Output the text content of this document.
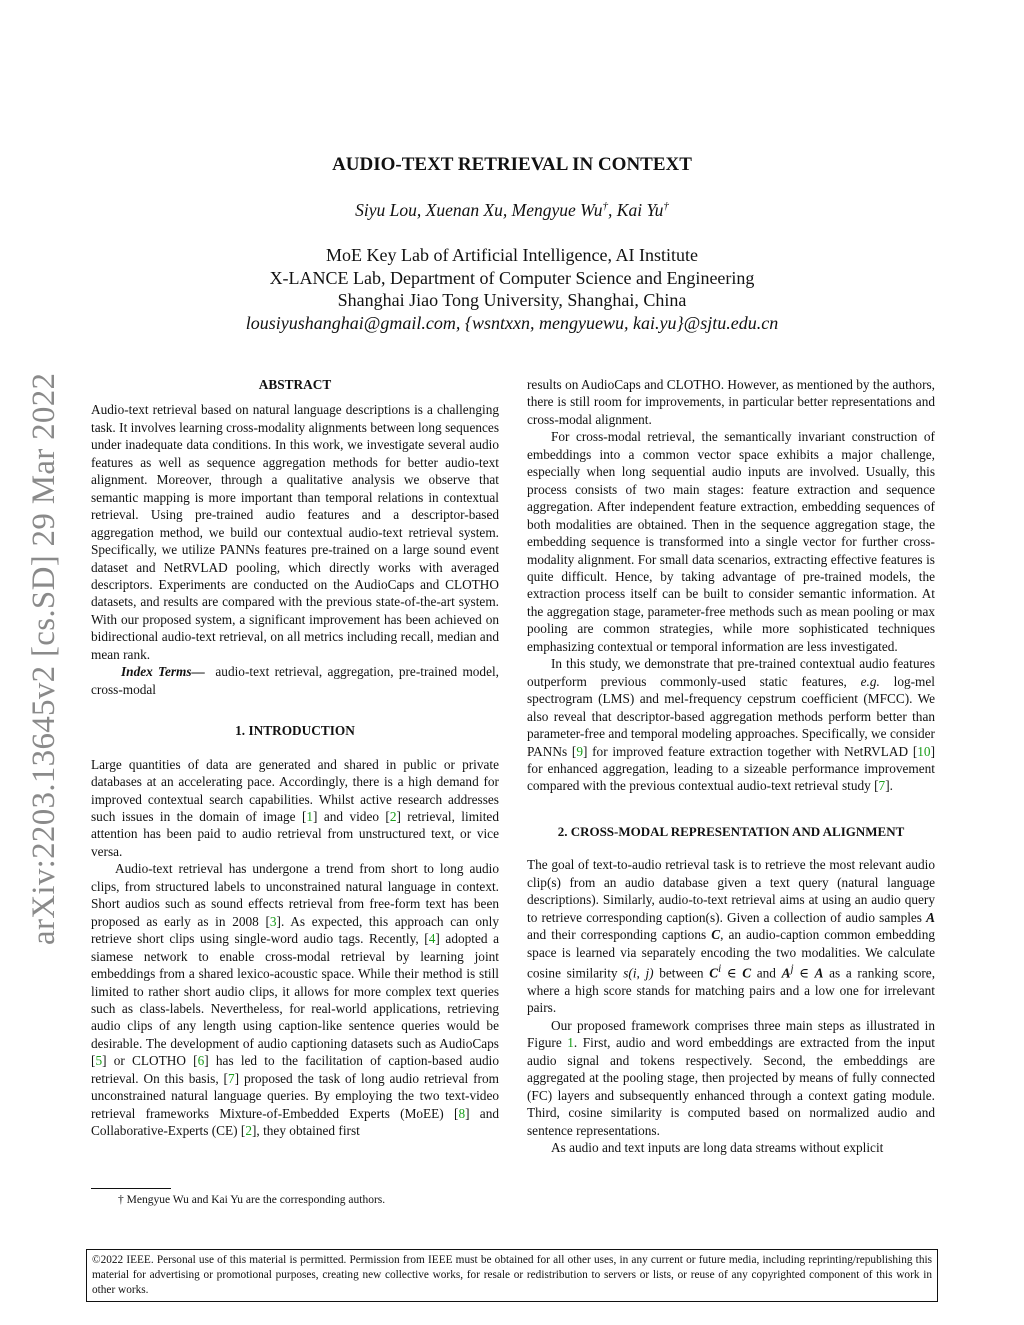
arXiv:2203.13645v2 [cs.SD] 29 Mar 2022
AUDIO-TEXT RETRIEVAL IN CONTEXT
Siyu Lou, Xuenan Xu, Mengyue Wu†, Kai Yu†
MoE Key Lab of Artificial Intelligence, AI Institute
X-LANCE Lab, Department of Computer Science and Engineering
Shanghai Jiao Tong University, Shanghai, China
lousiyushanghai@gmail.com, {wsntxxn, mengyuewu, kai.yu}@sjtu.edu.cn
ABSTRACT

Audio-text retrieval based on natural language descriptions is a challenging task. It involves learning cross-modality alignments between long sequences under inadequate data conditions. In this work, we investigate several audio features as well as sequence aggregation methods for better audio-text alignment. Moreover, through a qualitative analysis we observe that semantic mapping is more important than temporal relations in contextual retrieval. Using pre-trained audio features and a descriptor-based aggregation method, we build our contextual audio-text retrieval system. Specifically, we utilize PANNs features pre-trained on a large sound event dataset and NetRVLAD pooling, which directly works with averaged descriptors. Experiments are conducted on the AudioCaps and CLOTHO datasets, and results are compared with the previous state-of-the-art system. With our proposed system, a significant improvement has been achieved on bidirectional audio-text retrieval, on all metrics including recall, median and mean rank.

Index Terms— audio-text retrieval, aggregation, pre-trained model, cross-modal

1. INTRODUCTION

Large quantities of data are generated and shared in public or private databases at an accelerating pace. Accordingly, there is a high demand for improved contextual search capabilities. Whilst active research addresses such issues in the domain of image [1] and video [2] retrieval, limited attention has been paid to audio retrieval from unstructured text, or vice versa.

Audio-text retrieval has undergone a trend from short to long audio clips, from structured labels to unconstrained natural language in context. Short audios such as sound effects retrieval from free-form text has been proposed as early as in 2008 [3]. As expected, this approach can only retrieve short clips using single-word audio tags. Recently, [4] adopted a siamese network to enable cross-modal retrieval by learning joint embeddings from a shared lexico-acoustic space. While their method is still limited to rather short audio clips, it allows for more complex text queries such as class-labels. Nevertheless, for real-world applications, retrieving audio clips of any length using caption-like sentence queries would be desirable. The development of audio captioning datasets such as AudioCaps [5] or CLOTHO [6] has led to the facilitation of caption-based audio retrieval. On this basis, [7] proposed the task of long audio retrieval from unconstrained natural language queries. By employing the two text-video retrieval frameworks Mixture-of-Embedded Experts (MoEE) [8] and Collaborative-Experts (CE) [2], they obtained first

results on AudioCaps and CLOTHO. However, as mentioned by the authors, there is still room for improvements, in particular better representations and cross-modal alignment.

For cross-modal retrieval, the semantically invariant construction of embeddings into a common vector space exhibits a major challenge, especially when long sequential audio inputs are involved. Usually, this process consists of two main stages: feature extraction and sequence aggregation. After independent feature extraction, embedding sequences of both modalities are obtained. Then in the sequence aggregation stage, the embedding sequence is transformed into a single vector for further cross-modality alignment. For small data scenarios, extracting effective features is quite difficult. Hence, by taking advantage of pre-trained models, the extraction process itself can be built to consider semantic information. At the aggregation stage, parameter-free methods such as mean pooling or max pooling are common strategies, while more sophisticated techniques emphasizing contextual or temporal information are less investigated.

In this study, we demonstrate that pre-trained contextual audio features outperform previous commonly-used static features, e.g. log-mel spectrogram (LMS) and mel-frequency cepstrum coefficient (MFCC). We also reveal that descriptor-based aggregation methods perform better than parameter-free and temporal modeling approaches. Specifically, we consider PANNs [9] for improved feature extraction together with NetRVLAD [10] for enhanced aggregation, leading to a sizeable performance improvement compared with the previous contextual audio-text retrieval study [7].

2. CROSS-MODAL REPRESENTATION AND ALIGNMENT

The goal of text-to-audio retrieval task is to retrieve the most relevant audio clip(s) from an audio database given a text query (natural language descriptions). Similarly, audio-to-text retrieval aims at using an audio query to retrieve corresponding caption(s). Given a collection of audio samples A and their corresponding captions C, an audio-caption common embedding space is learned via separately encoding the two modalities. We calculate cosine similarity s(i, j) between $C^i$ ∈ C and $A^j$ ∈ A as a ranking score, where a high score stands for matching pairs and a low one for irrelevant pairs.

Our proposed framework comprises three main steps as illustrated in Figure 1. First, audio and word embeddings are extracted from the input audio signal and tokens respectively. Second, the embeddings are aggregated at the pooling stage, then projected by means of fully connected (FC) layers and subsequently enhanced through a context gating module. Third, cosine similarity is computed based on normalized audio and sentence representations.

As audio and text inputs are long data streams without explicit

† Mengyue Wu and Kai Yu are the corresponding authors.
©2022 IEEE. Personal use of this material is permitted. Permission from IEEE must be obtained for all other uses, in any current or future media, including reprinting/republishing this material for advertising or promotional purposes, creating new collective works, for resale or redistribution to servers or lists, or reuse of any copyrighted component of this work in other works.
